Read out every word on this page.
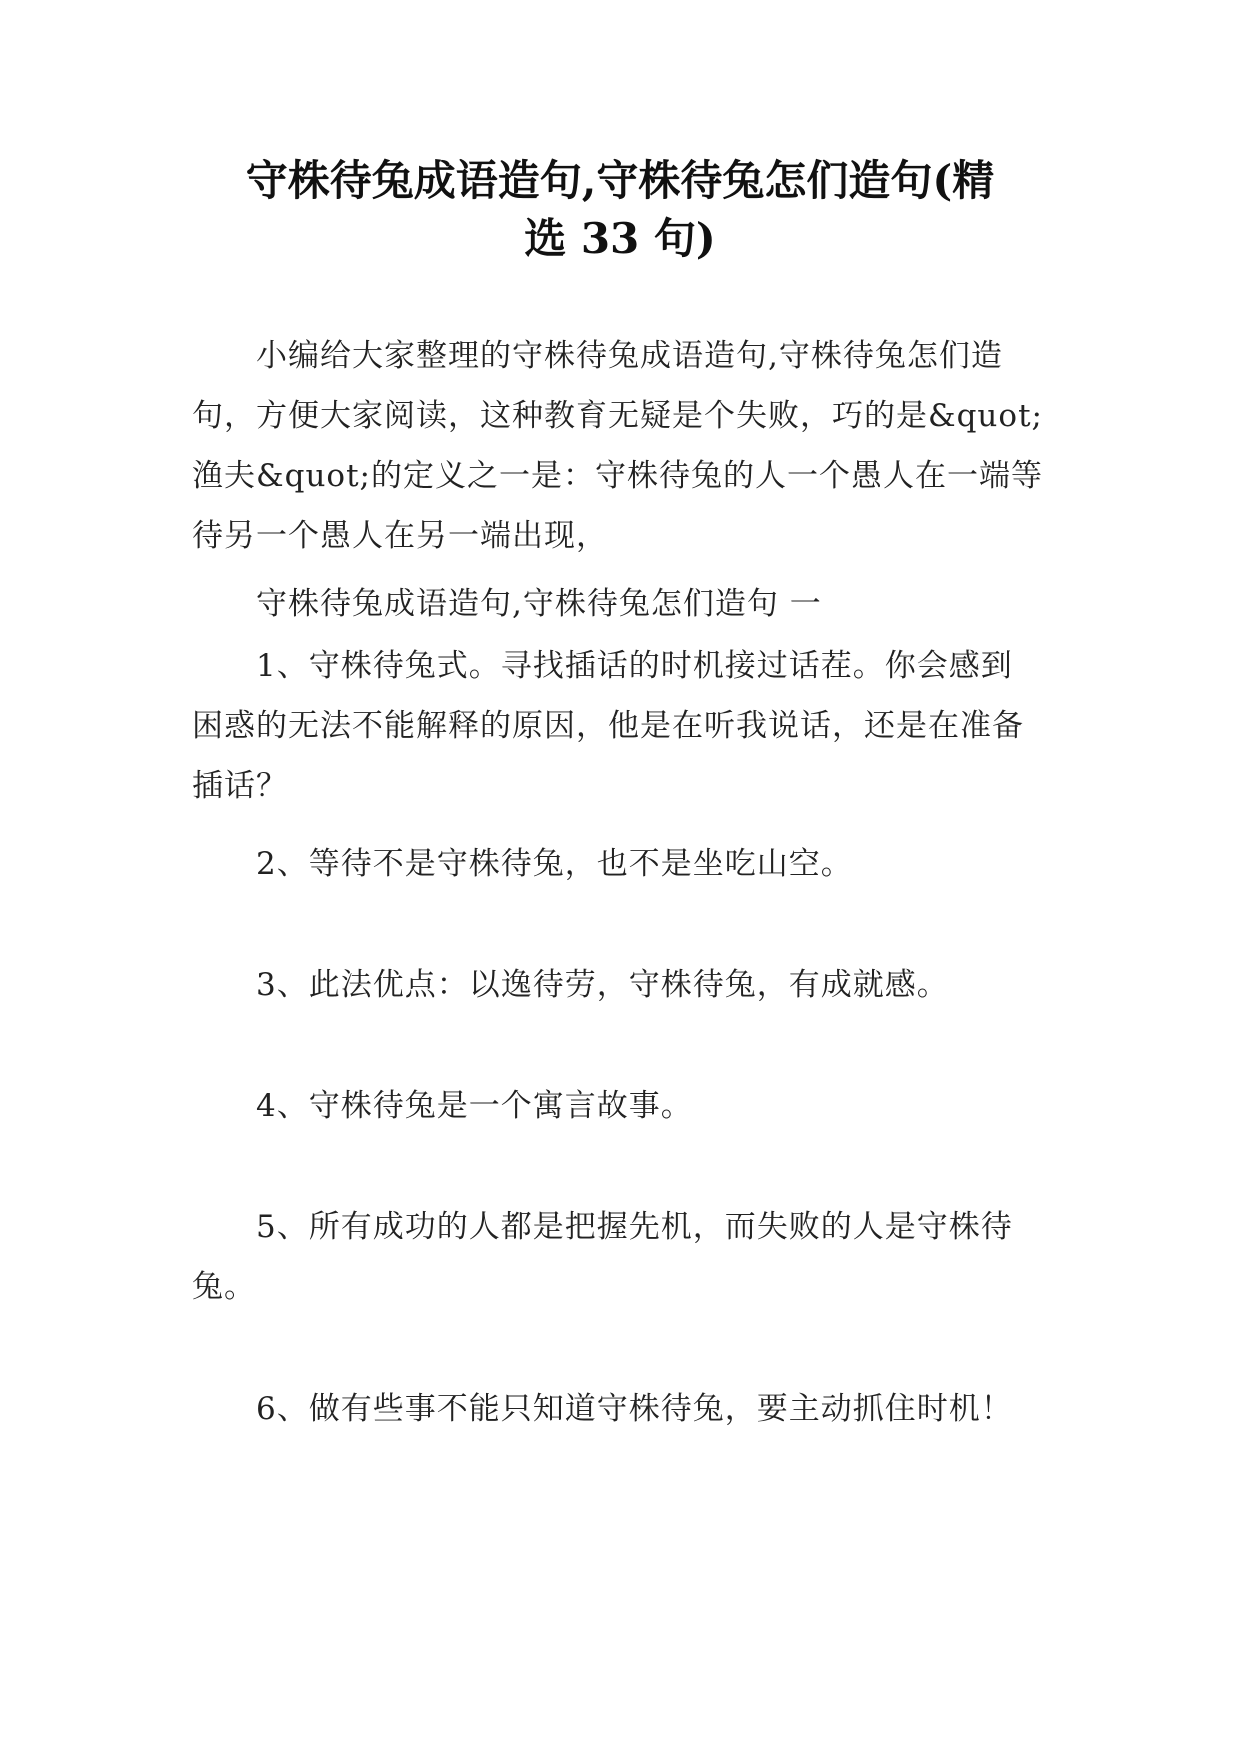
守株待兔成语造句,守株待兔怎们造句(精
选 33 句)

小编给大家整理的守株待兔成语造句,守株待兔怎们造
句，方便大家阅读，这种教育无疑是个失败，巧的是&quot;
渔夫&quot;的定义之一是：守株待兔的人一个愚人在一端等
待另一个愚人在另一端出现，

守株待兔成语造句,守株待兔怎们造句 一

1、守株待兔式。寻找插话的时机接过话茬。你会感到
困惑的无法不能解释的原因，他是在听我说话，还是在准备
插话？

2、等待不是守株待兔，也不是坐吃山空。

3、此法优点：以逸待劳，守株待兔，有成就感。

4、守株待兔是一个寓言故事。

5、所有成功的人都是把握先机，而失败的人是守株待
兔。

6、做有些事不能只知道守株待兔，要主动抓住时机！
